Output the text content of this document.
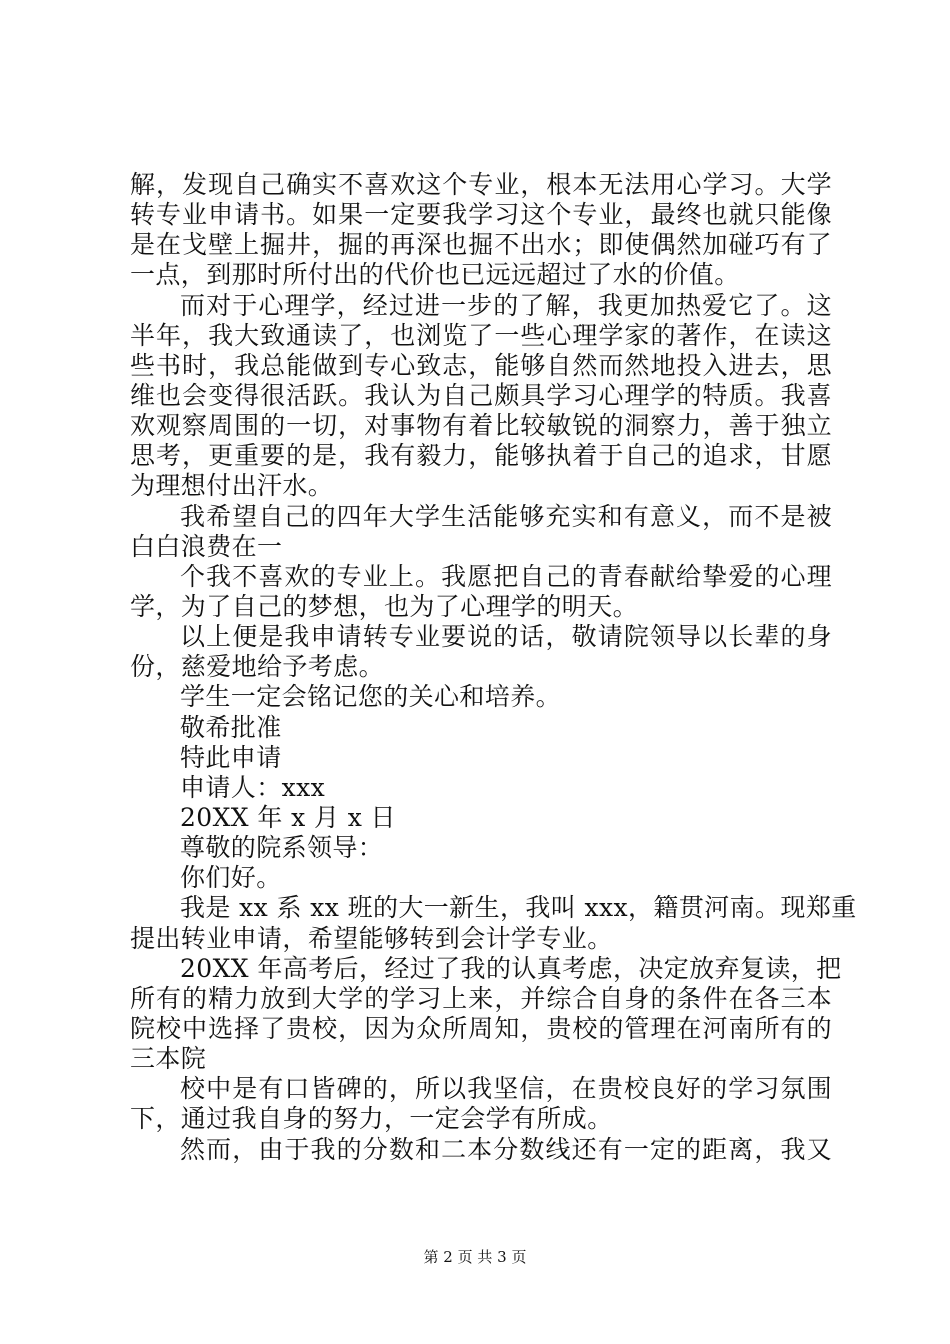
解，发现自己确实不喜欢这个专业，根本无法用心学习。大学
转专业申请书。如果一定要我学习这个专业，最终也就只能像
是在戈壁上掘井，掘的再深也掘不出水；即使偶然加碰巧有了
一点，到那时所付出的代价也已远远超过了水的价值。
而对于心理学，经过进一步的了解，我更加热爱它了。这
半年，我大致通读了，也浏览了一些心理学家的著作，在读这
些书时，我总能做到专心致志，能够自然而然地投入进去，思
维也会变得很活跃。我认为自己颇具学习心理学的特质。我喜
欢观察周围的一切，对事物有着比较敏锐的洞察力，善于独立
思考，更重要的是，我有毅力，能够执着于自己的追求，甘愿
为理想付出汗水。
我希望自己的四年大学生活能够充实和有意义，而不是被
白白浪费在一
个我不喜欢的专业上。我愿把自己的青春献给挚爱的心理
学，为了自己的梦想，也为了心理学的明天。
以上便是我申请转专业要说的话，敬请院领导以长辈的身
份，慈爱地给予考虑。
学生一定会铭记您的关心和培养。
敬希批准
特此申请
申请人：xxx
20XX 年 x 月 x 日
尊敬的院系领导：
你们好。
我是 xx 系 xx 班的大一新生，我叫 xxx，籍贯河南。现郑重
提出转业申请，希望能够转到会计学专业。
20XX 年高考后，经过了我的认真考虑，决定放弃复读，把
所有的精力放到大学的学习上来，并综合自身的条件在各三本
院校中选择了贵校，因为众所周知，贵校的管理在河南所有的
三本院
校中是有口皆碑的，所以我坚信，在贵校良好的学习氛围
下，通过我自身的努力，一定会学有所成。
然而，由于我的分数和二本分数线还有一定的距离，我又
第 2 页 共 3 页
